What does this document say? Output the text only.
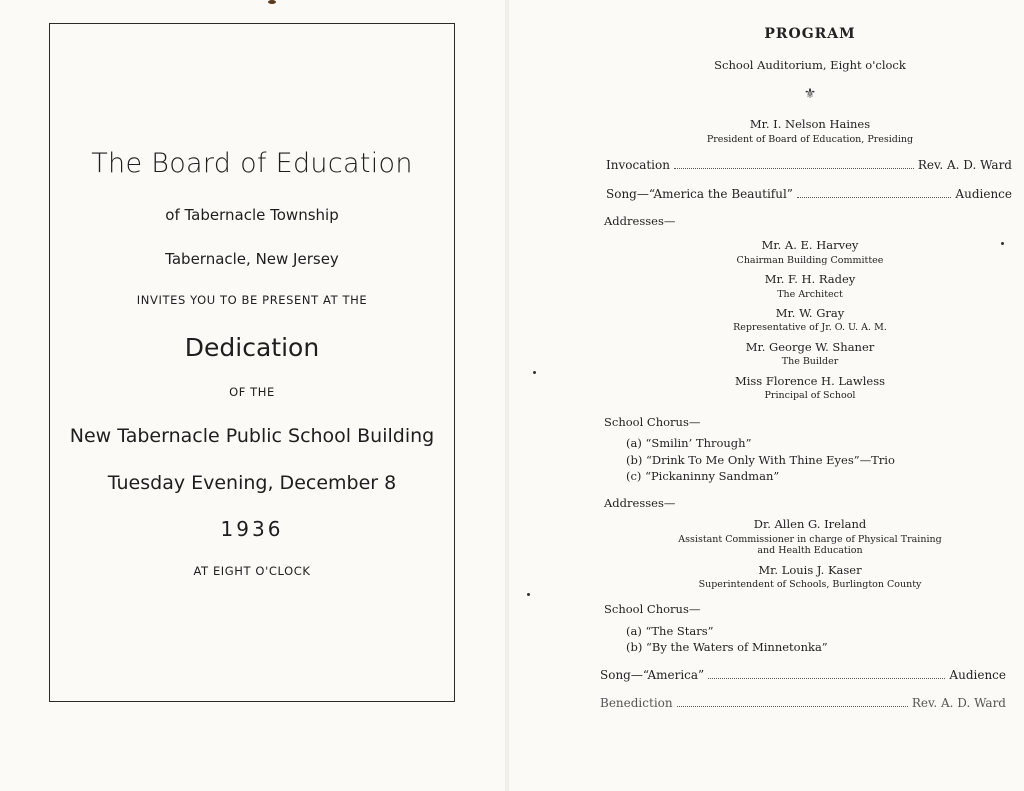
The Board of Education
of Tabernacle Township
Tabernacle, New Jersey
INVITES YOU TO BE PRESENT AT THE
Dedication
OF THE
New Tabernacle Public School Building
Tuesday Evening, December 8
1936
AT EIGHT O'CLOCK
PROGRAM
School Auditorium, Eight o'clock
⚜
Mr. I. Nelson Haines
President of Board of Education, Presiding
Invocation	Rev. A. D. Ward
Song—“America the Beautiful”	Audience
Addresses—
Mr. A. E. Harvey
Chairman Building Committee
Mr. F. H. Radey
The Architect
Mr. W. Gray
Representative of Jr. O. U. A. M.
Mr. George W. Shaner
The Builder
Miss Florence H. Lawless
Principal of School
School Chorus—
(a) “Smilin’ Through”
(b) “Drink To Me Only With Thine Eyes”—Trio
(c) “Pickaninny Sandman”
Addresses—
Dr. Allen G. Ireland
Assistant Commissioner in charge of Physical Training
and Health Education
Mr. Louis J. Kaser
Superintendent of Schools, Burlington County
School Chorus—
(a) “The Stars”
(b) “By the Waters of Minnetonka”
Song—“America”	Audience
Benediction	Rev. A. D. Ward
